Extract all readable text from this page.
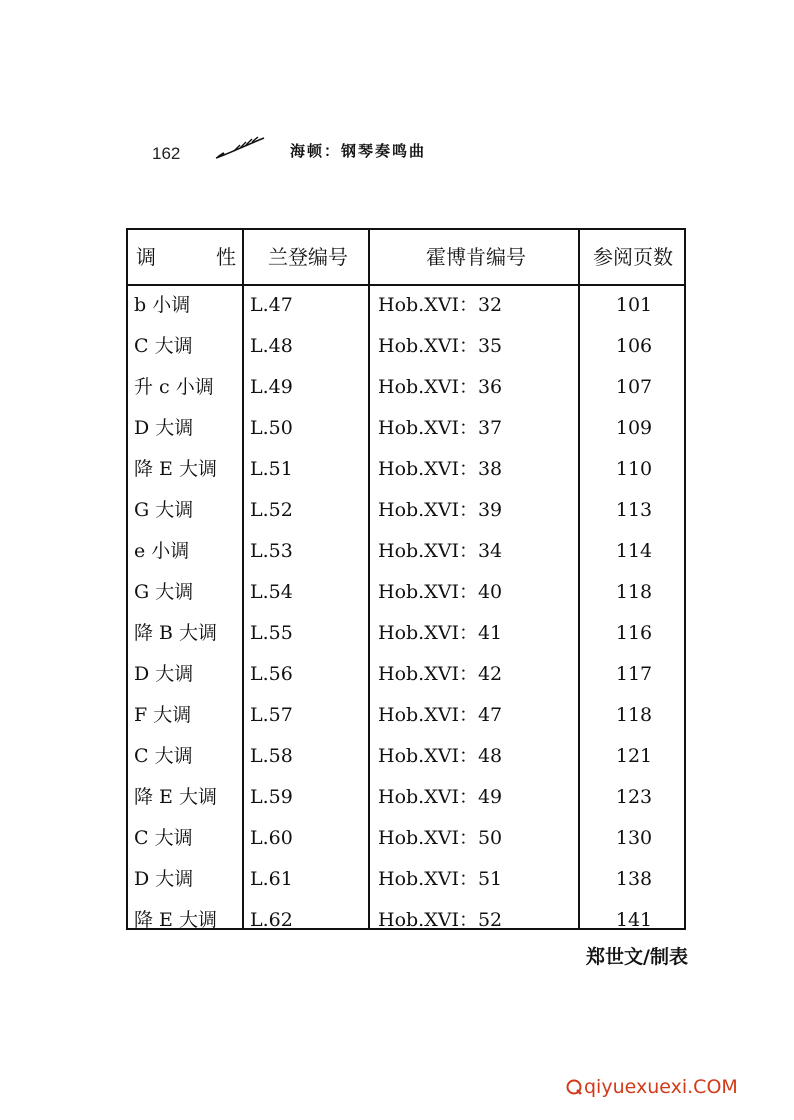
162	海顿：钢琴奏鸣曲
调	性	兰登编号	霍博肯编号	参阅页数
b 小调	L.47	Hob.XVⅠ：32	101
C 大调	L.48	Hob.XVⅠ：35	106
升 c 小调 L.49	Hob.XVⅠ：36	107
D 大调	L.50	Hob.XVⅠ：37	109
降 E 大调 L.51	Hob.XVⅠ：38	110
G 大调	L.52	Hob.XVⅠ：39	113
e 小调	L.53	Hob.XVⅠ：34	114
G 大调	L.54	Hob.XVⅠ：40	118
降 B 大调 L.55	Hob.XVⅠ：41	116
D 大调	L.56	Hob.XVⅠ：42	117
F 大调	L.57	Hob.XVⅠ：47	118
C 大调	L.58	Hob.XVⅠ：48	121
降 E 大调 L.59	Hob.XVⅠ：49	123
C 大调	L.60	Hob.XVⅠ：50	130
D 大调	L.61	Hob.XVⅠ：51	138
降 E 大调 L.62	Hob.XVⅠ：52	141
郑世文/制表
qiyuexuexi.COM
